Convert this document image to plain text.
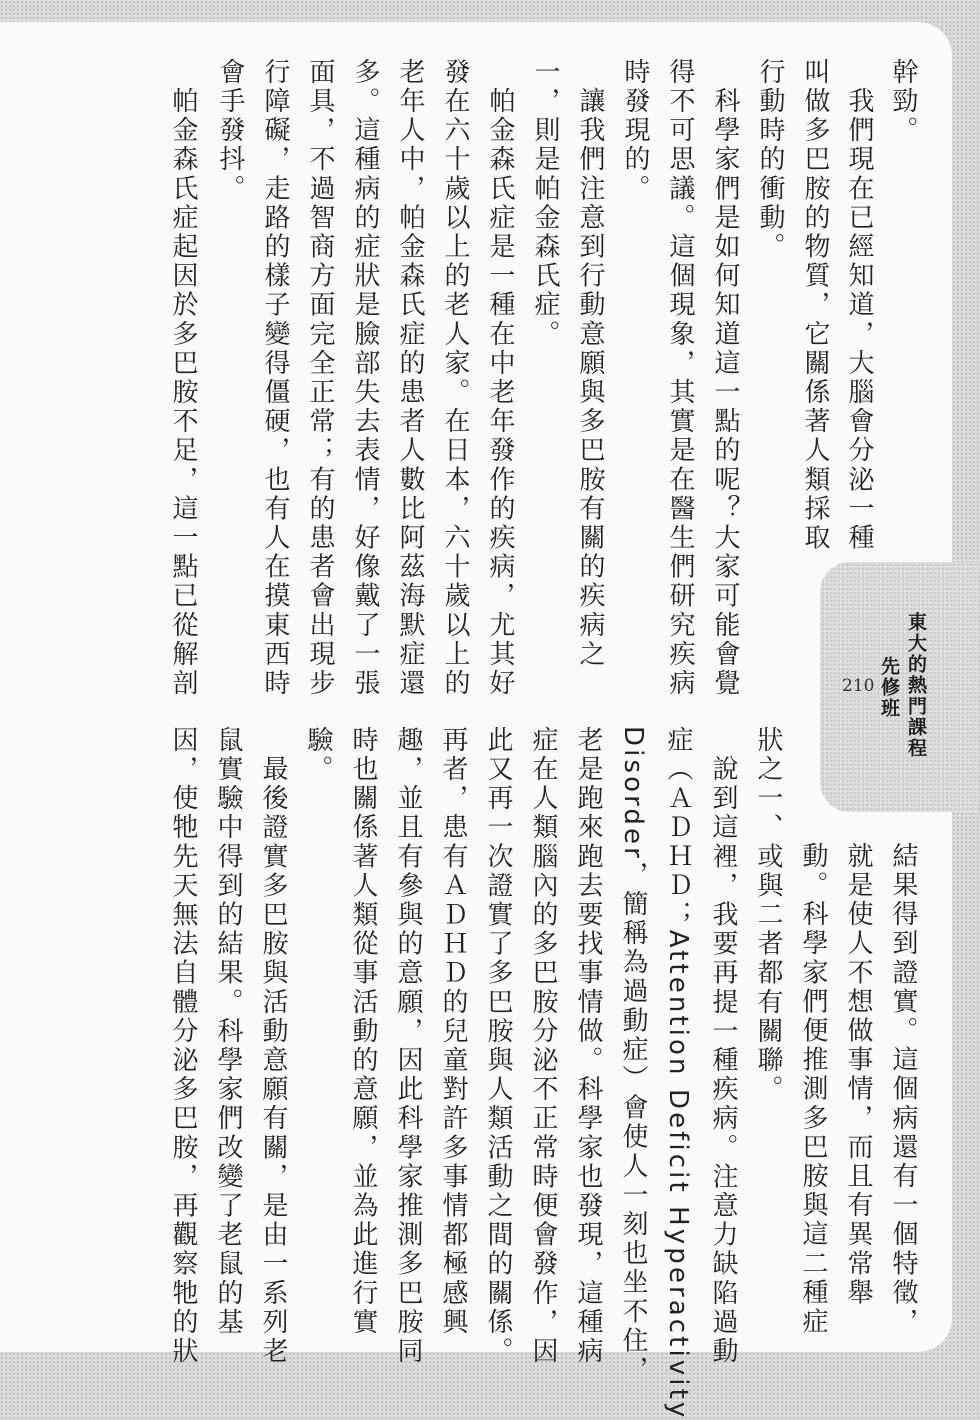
東大的熱門課程
先修班
210
幹勁。
　我們現在已經知道，大腦會分泌一種
叫做多巴胺的物質，它關係著人類採取
行動時的衝動。
　科學家們是如何知道這一點的呢？大家可能會覺
得不可思議。這個現象，其實是在醫生們研究疾病
時發現的。
　讓我們注意到行動意願與多巴胺有關的疾病之
一，則是帕金森氏症。
　帕金森氏症是一種在中老年發作的疾病，尤其好
發在六十歲以上的老人家。在日本，六十歲以上的
老年人中，帕金森氏症的患者人數比阿茲海默症還
多。這種病的症狀是臉部失去表情，好像戴了一張
面具，不過智商方面完全正常；有的患者會出現步
行障礙，走路的樣子變得僵硬，也有人在摸東西時
會手發抖。
　帕金森氏症起因於多巴胺不足，這一點已從解剖
結果得到證實。這個病還有一個特徵，
就是使人不想做事情，而且有異常舉
動。科學家們便推測多巴胺與這二種症
狀之一、或與二者都有關聯。
　說到這裡，我要再提一種疾病。注意力缺陷過動
症（ＡＤＨＤ；Attention Deficit Hyperactivity
Disorder，簡稱為過動症）會使人一刻也坐不住，
老是跑來跑去要找事情做。科學家也發現，這種病
症在人類腦內的多巴胺分泌不正常時便會發作，因
此又再一次證實了多巴胺與人類活動之間的關係。
再者，患有ＡＤＨＤ的兒童對許多事情都極感興
趣，並且有參與的意願，因此科學家推測多巴胺同
時也關係著人類從事活動的意願，並為此進行實
驗。
　最後證實多巴胺與活動意願有關，是由一系列老
鼠實驗中得到的結果。科學家們改變了老鼠的基
因，使牠先天無法自體分泌多巴胺，再觀察牠的狀
